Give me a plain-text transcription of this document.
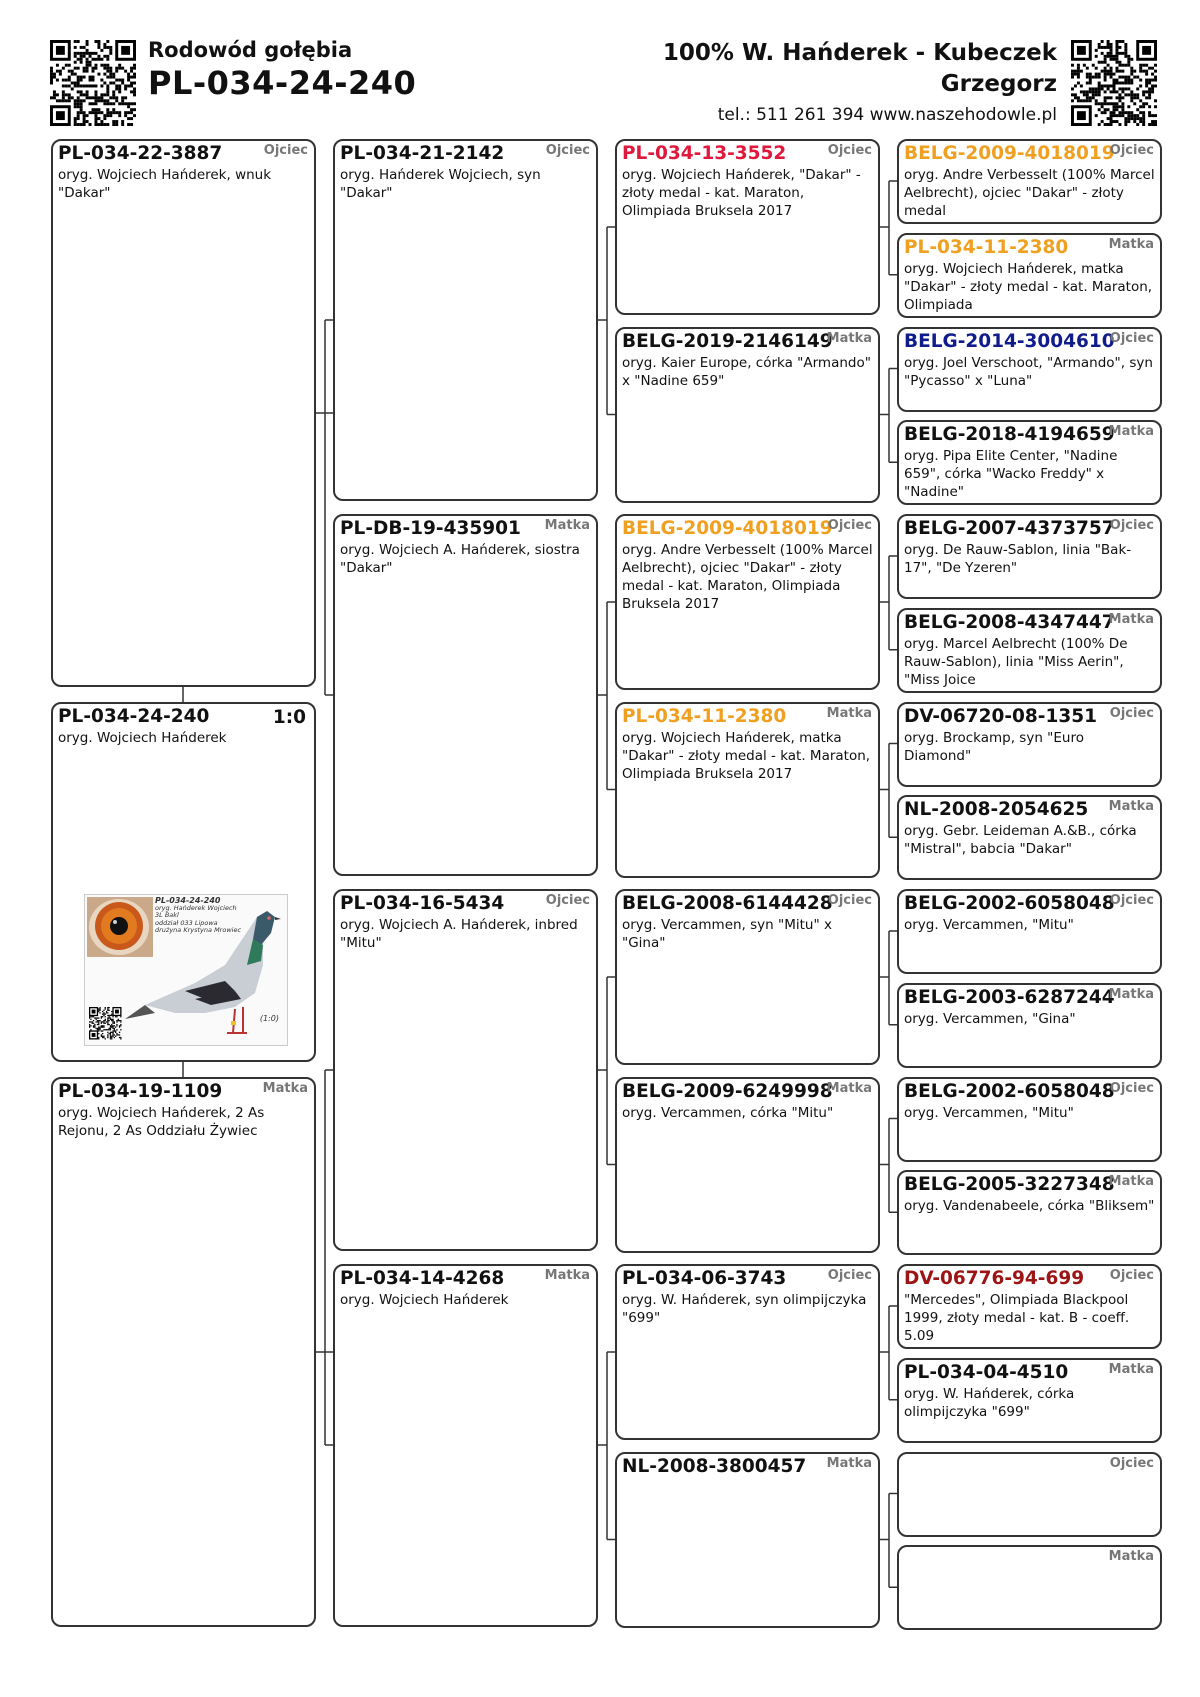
Rodowód gołębia
PL-034-24-240
100% W. Hańderek - Kubeczek
Grzegorz
tel.: 511 261 394 www.naszehodowle.pl
PL-034-22-3887	Ojciec
oryg. Wojciech Hańderek, wnuk "Dakar"
PL-034-24-240	1:0
oryg. Wojciech Hańderek
PL-034-24-240
oryg. Hańderek Wojciech
3L Bakl
oddział 033 Lipowa
drużyna Krystyna Mrowiec
(1:0)
PL-034-19-1109	Matka
oryg. Wojciech Hańderek, 2 As Rejonu, 2 As Oddziału Żywiec
PL-034-21-2142	Ojciec
oryg. Hańderek Wojciech, syn "Dakar"
PL-DB-19-435901	Matka
oryg. Wojciech A. Hańderek, siostra "Dakar"
PL-034-16-5434	Ojciec
oryg. Wojciech A. Hańderek, inbred "Mitu"
PL-034-14-4268	Matka
oryg. Wojciech Hańderek
PL-034-13-3552	Ojciec
oryg. Wojciech Hańderek, "Dakar" - złoty medal - kat. Maraton, Olimpiada Bruksela 2017
BELG-2019-2146149
Matka
oryg. Kaier Europe, córka "Armando" x "Nadine 659"
BELG-2009-4018019
Ojciec
oryg. Andre Verbesselt (100% Marcel Aelbrecht), ojciec "Dakar" - złoty medal - kat. Maraton, Olimpiada Bruksela 2017
PL-034-11-2380	Matka
oryg. Wojciech Hańderek, matka "Dakar" - złoty medal - kat. Maraton, Olimpiada Bruksela 2017
BELG-2008-6144428
Ojciec
oryg. Vercammen, syn "Mitu" x "Gina"
BELG-2009-6249998
Matka
oryg. Vercammen, córka "Mitu"
PL-034-06-3743	Ojciec
oryg. W. Hańderek, syn olimpijczyka "699"
NL-2008-3800457	Matka
BELG-2009-4018019
Ojciec
oryg. Andre Verbesselt (100% Marcel Aelbrecht), ojciec "Dakar" - złoty medal
PL-034-11-2380	Matka
oryg. Wojciech Hańderek, matka "Dakar" - złoty medal - kat. Maraton, Olimpiada
BELG-2014-3004610
Ojciec
oryg. Joel Verschoot, "Armando", syn "Pycasso" x "Luna"
BELG-2018-4194659
Matka
oryg. Pipa Elite Center, "Nadine 659", córka "Wacko Freddy" x "Nadine"
BELG-2007-4373757
Ojciec
oryg. De Rauw-Sablon, linia "Bak-17", "De Yzeren"
BELG-2008-4347447
Matka
oryg. Marcel Aelbrecht (100% De Rauw-Sablon), linia "Miss Aerin", "Miss Joice
DV-06720-08-1351 Ojciec
oryg. Brockamp, syn "Euro Diamond"
NL-2008-2054625	Matka
oryg. Gebr. Leideman A.&B., córka "Mistral", babcia "Dakar"
BELG-2002-6058048
Ojciec
oryg. Vercammen, "Mitu"
BELG-2003-6287244
Matka
oryg. Vercammen, "Gina"
BELG-2002-6058048
Ojciec
oryg. Vercammen, "Mitu"
BELG-2005-3227348
Matka
oryg. Vandenabeele, córka "Bliksem"
DV-06776-94-699	Ojciec
"Mercedes", Olimpiada Blackpool 1999, złoty medal - kat. B - coeff. 5.09
PL-034-04-4510	Matka
oryg. W. Hańderek, córka olimpijczyka "699"
Ojciec
Matka
